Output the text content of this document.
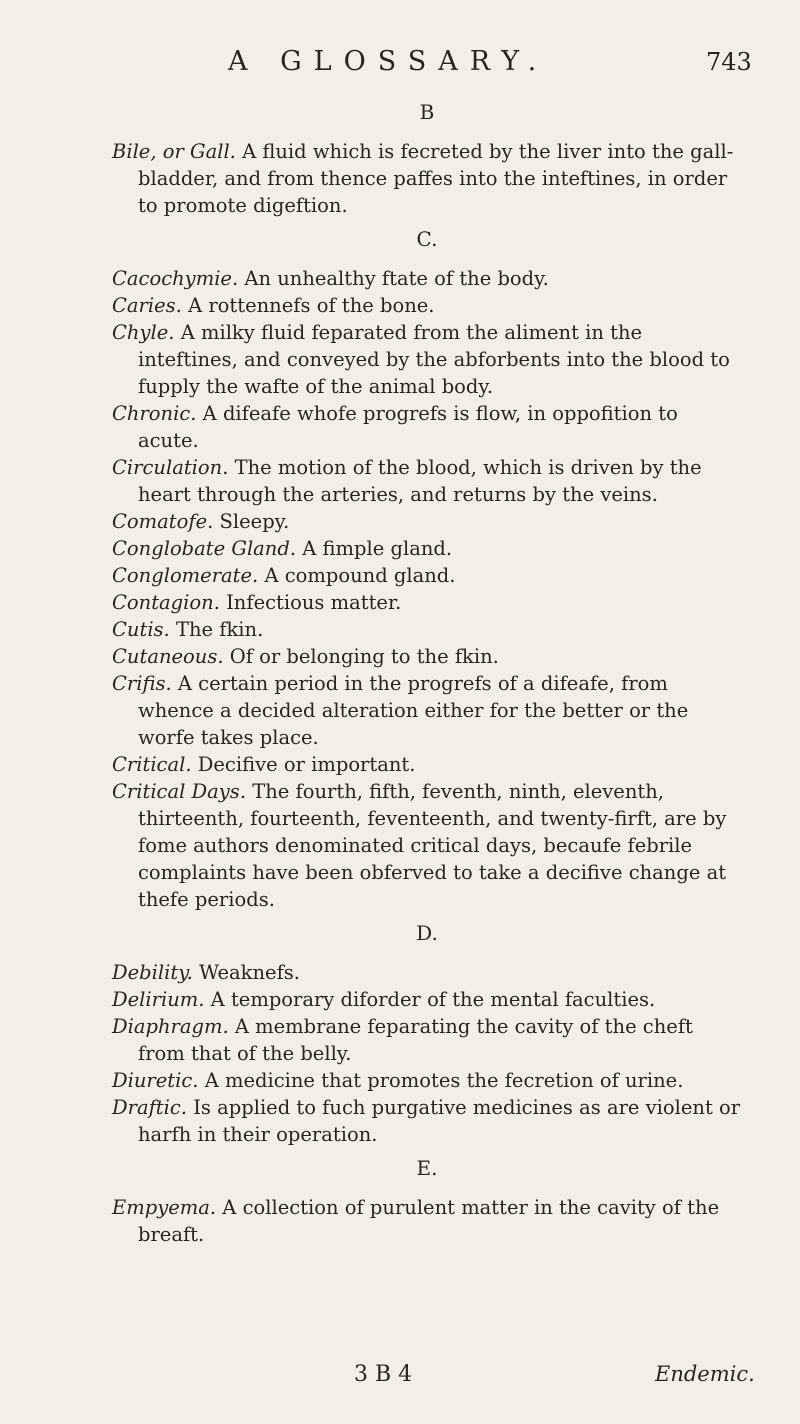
A GLOSSARY.	743
B

Bile, or Gall. A fluid which is fecreted by the liver into the gall-bladder, and from thence paffes into the inteftines, in order to promote digeftion.

C.

Cacochymie. An unhealthy ftate of the body.

Caries. A rottennefs of the bone.

Chyle. A milky fluid feparated from the aliment in the inteftines, and conveyed by the abforbents into the blood to fupply the wafte of the animal body.

Chronic. A difeafe whofe progrefs is flow, in oppofition to acute.

Circulation. The motion of the blood, which is driven by the heart through the arteries, and returns by the veins.

Comatofe. Sleepy.

Conglobate Gland. A fimple gland.

Conglomerate. A compound gland.

Contagion. Infectious matter.

Cutis. The fkin.

Cutaneous. Of or belonging to the fkin.

Crifis. A certain period in the progrefs of a difeafe, from whence a decided alteration either for the better or the worfe takes place.

Critical. Decifive or important.

Critical Days. The fourth, fifth, feventh, ninth, eleventh, thirteenth, fourteenth, feventeenth, and twenty-firft, are by fome authors denominated critical days, becaufe febrile complaints have been obferved to take a decifive change at thefe periods.

D.

Debility. Weaknefs.

Delirium. A temporary diforder of the mental faculties.

Diaphragm. A membrane feparating the cavity of the cheft from that of the belly.

Diuretic. A medicine that promotes the fecretion of urine.

Draftic. Is applied to fuch purgative medicines as are violent or harfh in their operation.

E.

Empyema. A collection of purulent matter in the cavity of the breaft.

3 B 4	Endemic.
